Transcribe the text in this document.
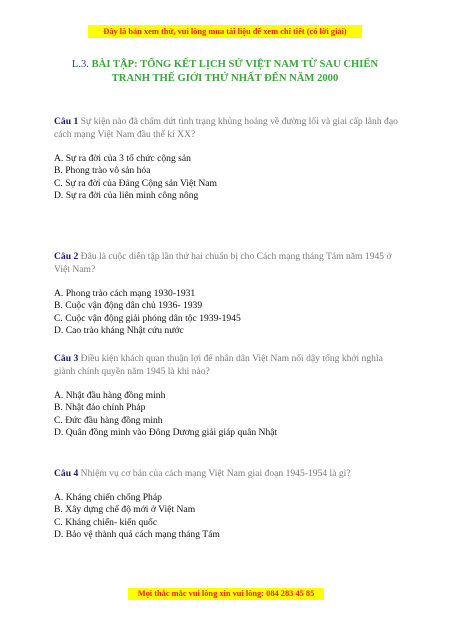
Đây là bản xem thử, vui lòng mua tài liệu để xem chi tiết (có lời giải)
L.3. BÀI TẬP: TỔNG KẾT LỊCH SỬ VIỆT NAM TỪ SAU CHIẾN
TRANH THẾ GIỚI THỨ NHẤT ĐẾN NĂM 2000

Câu 1 Sự kiện nào đã chấm dứt tình trạng khủng hoảng về đường lối và giai cấp lãnh đạo cách mạng Việt Nam đầu thế kỉ XX?

A. Sự ra đời của 3 tổ chức cộng sản

B. Phong trào vô sản hóa

C. Sự ra đời của Đảng Cộng sản Việt Nam

D. Sự ra đời của liên minh công nông

Câu 2 Đâu là cuộc diễn tập lần thứ hai chuẩn bị cho Cách mạng tháng Tám năm 1945 ở Việt Nam?

A. Phong trào cách mạng 1930-1931

B. Cuộc vận động dân chủ 1936- 1939

C. Cuộc vận động giải phóng dân tộc 1939-1945

D. Cao trào kháng Nhật cứu nước

Câu 3 Điều kiện khách quan thuận lợi để nhân dân Việt Nam nổi dậy tổng khởi nghĩa giành chính quyền năm 1945 là khi nào?

A. Nhật đầu hàng đồng minh

B. Nhật đảo chính Pháp

C. Đức đầu hàng đồng minh

D. Quân đồng minh vào Đông Dương giải giáp quân Nhật

Câu 4 Nhiệm vụ cơ bản của cách mạng Việt Nam giai đoạn 1945-1954 là gì?

A. Kháng chiến chống Pháp

B. Xây dựng chế độ mới ở Việt Nam

C. Kháng chiến- kiến quốc

D. Bảo vệ thành quả cách mạng tháng Tám

Mọi thắc mắc vui lòng xin vui lòng: 084 283 45 85
